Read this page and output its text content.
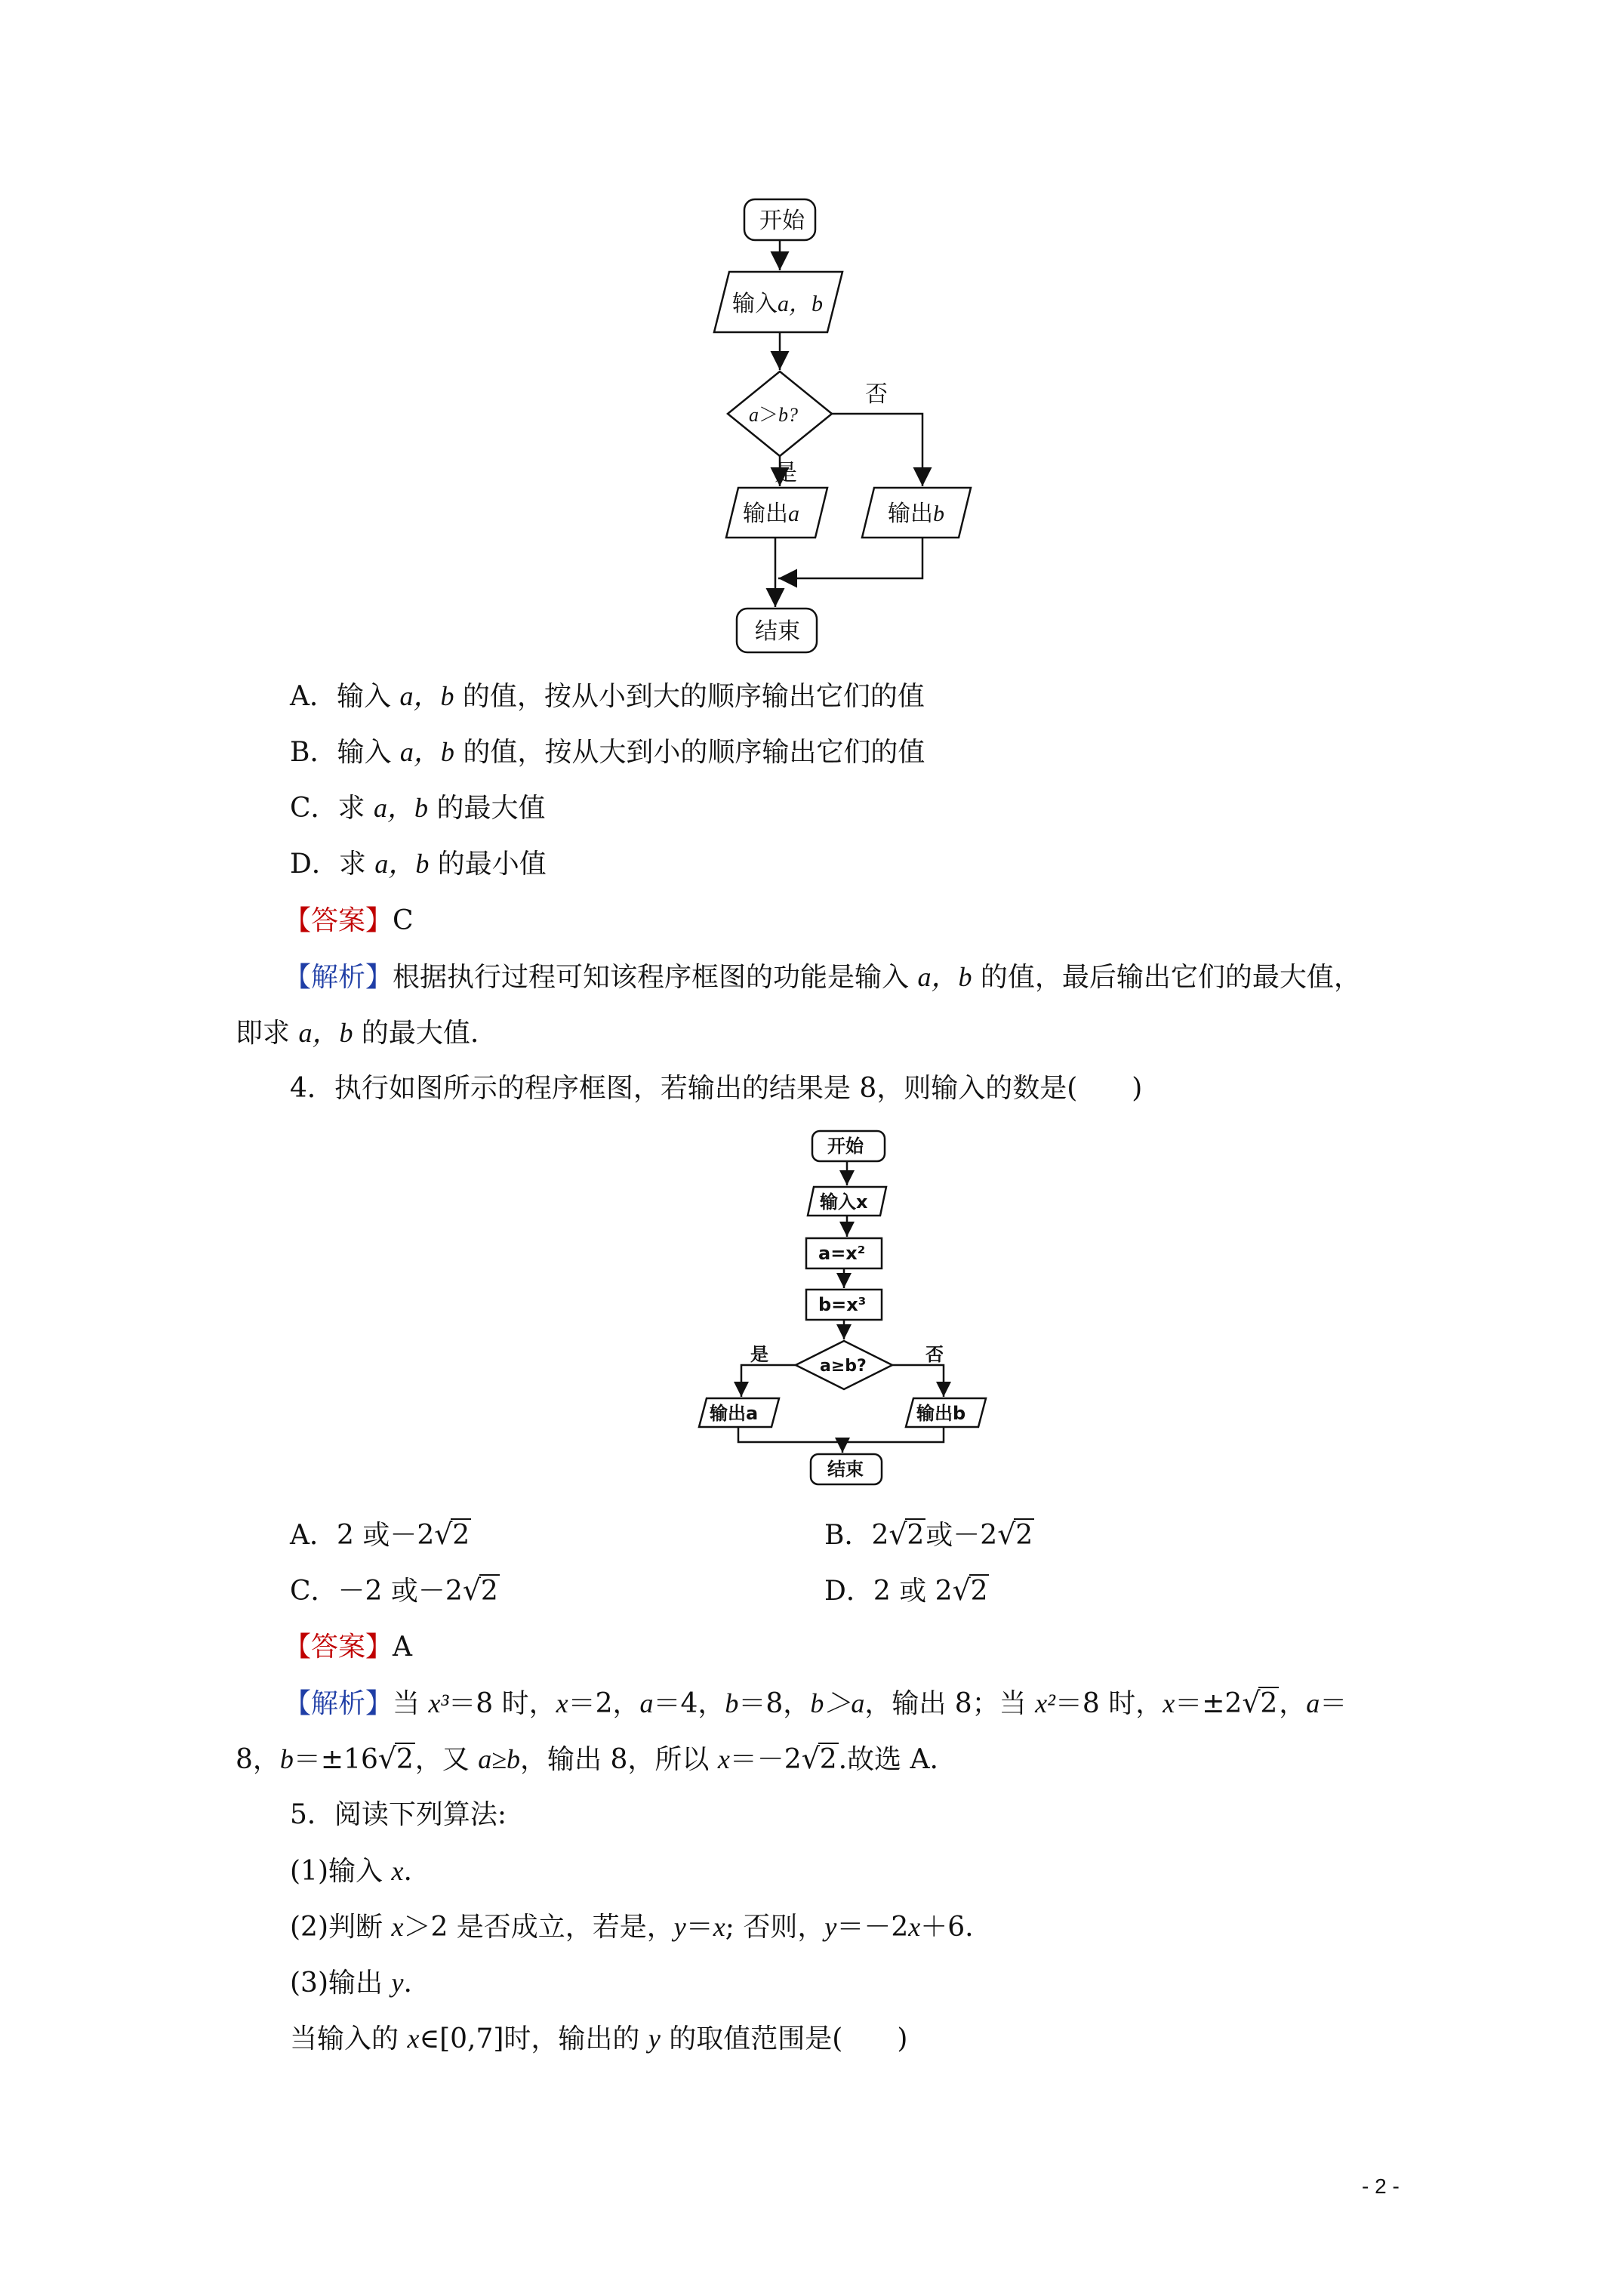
开始
输入a，b
a＞b?
否
是
输出a	输出b
结束
A．输入 a，b 的值，按从小到大的顺序输出它们的值
B．输入 a，b 的值，按从大到小的顺序输出它们的值
C．求 a，b 的最大值
D．求 a，b 的最小值
【答案】C
【解析】根据执行过程可知该程序框图的功能是输入 a，b 的值，最后输出它们的最大值，
即求 a，b 的最大值.
4．执行如图所示的程序框图，若输出的结果是 8，则输入的数是(　　)
开始
输入x
a=x²
b=x³
a≥b?
是	否
输出a	输出b
结束
A．2 或－2 √ 2	B．2 √ 2或－2 √ 2
C．－2 或－2 √ 2	D．2 或 2 √ 2
【答案】A
【解析】当 x³＝8 时，x＝2，a＝4，b＝8，b＞a，输出 8；当 x²＝8 时，x＝±2 √ 2，a＝
8，b＝±16 √ 2，又 a≥b，输出 8，所以 x＝－2 √ 2.故选 A.
5．阅读下列算法:
(1)输入 x.
(2)判断 x＞2 是否成立，若是，y＝x; 否则，y＝－2x＋6.
(3)输出 y.
当输入的 x∈[0,7]时，输出的 y 的取值范围是(　　)
- 2 -
